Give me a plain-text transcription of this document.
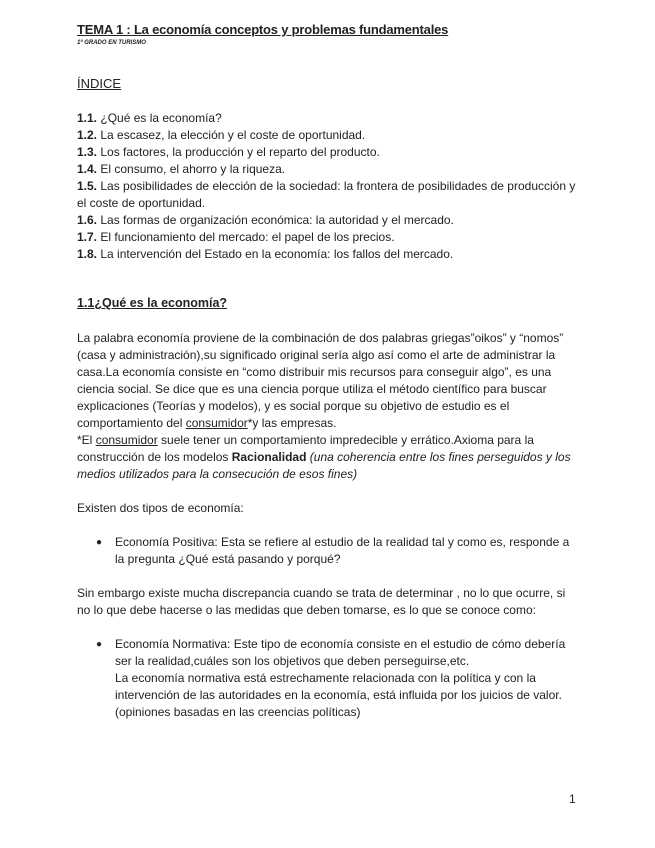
TEMA 1 : La economía conceptos y problemas fundamentales
1º GRADO EN TURISMO
ÍNDICE

1.1. ¿Qué es la economía?

1.2. La escasez, la elección y el coste de oportunidad.

1.3. Los factores, la producción y el reparto del producto.

1.4. El consumo, el ahorro y la riqueza.

1.5. Las posibilidades de elección de la sociedad: la frontera de posibilidades de producción y el coste de oportunidad.

1.6. Las formas de organización económica: la autoridad y el mercado.

1.7. El funcionamiento del mercado: el papel de los precios.

1.8. La intervención del Estado en la economía: los fallos del mercado.

1.1¿Qué es la economía?

La palabra economía proviene de la combinación de dos palabras griegas”oikos” y “nomos” (casa y administración),su significado original sería algo así como el arte de administrar la casa.La economía consiste en “como distribuir mis recursos para conseguir algo”, es una ciencia social. Se dice que es una ciencia porque utiliza el método científico para buscar explicaciones (Teorías y modelos), y es social porque su objetivo de estudio es el comportamiento del consumidor*y las empresas.

*El consumidor suele tener un comportamiento impredecible y errático.Axioma para la construcción de los modelos Racionalidad (una coherencia entre los fines perseguidos y los medios utilizados para la consecución de esos fines)

Existen dos tipos de economía:

● Economía Positiva: Esta se refiere al estudio de la realidad tal y como es, responde a la pregunta ¿Qué está pasando y porqué?

Sin embargo existe mucha discrepancia cuando se trata de determinar , no lo que ocurre, si no lo que debe hacerse o las medidas que deben tomarse, es lo que se conoce como:

● Economía Normativa: Este tipo de economía consiste en el estudio de cómo debería ser la realidad,cuáles son los objetivos que deben perseguirse,etc.

La economía normativa está estrechamente relacionada con la política y con la intervención de las autoridades en la economía, está influida por los juicios de valor.(opiniones basadas en las creencias políticas)

1
